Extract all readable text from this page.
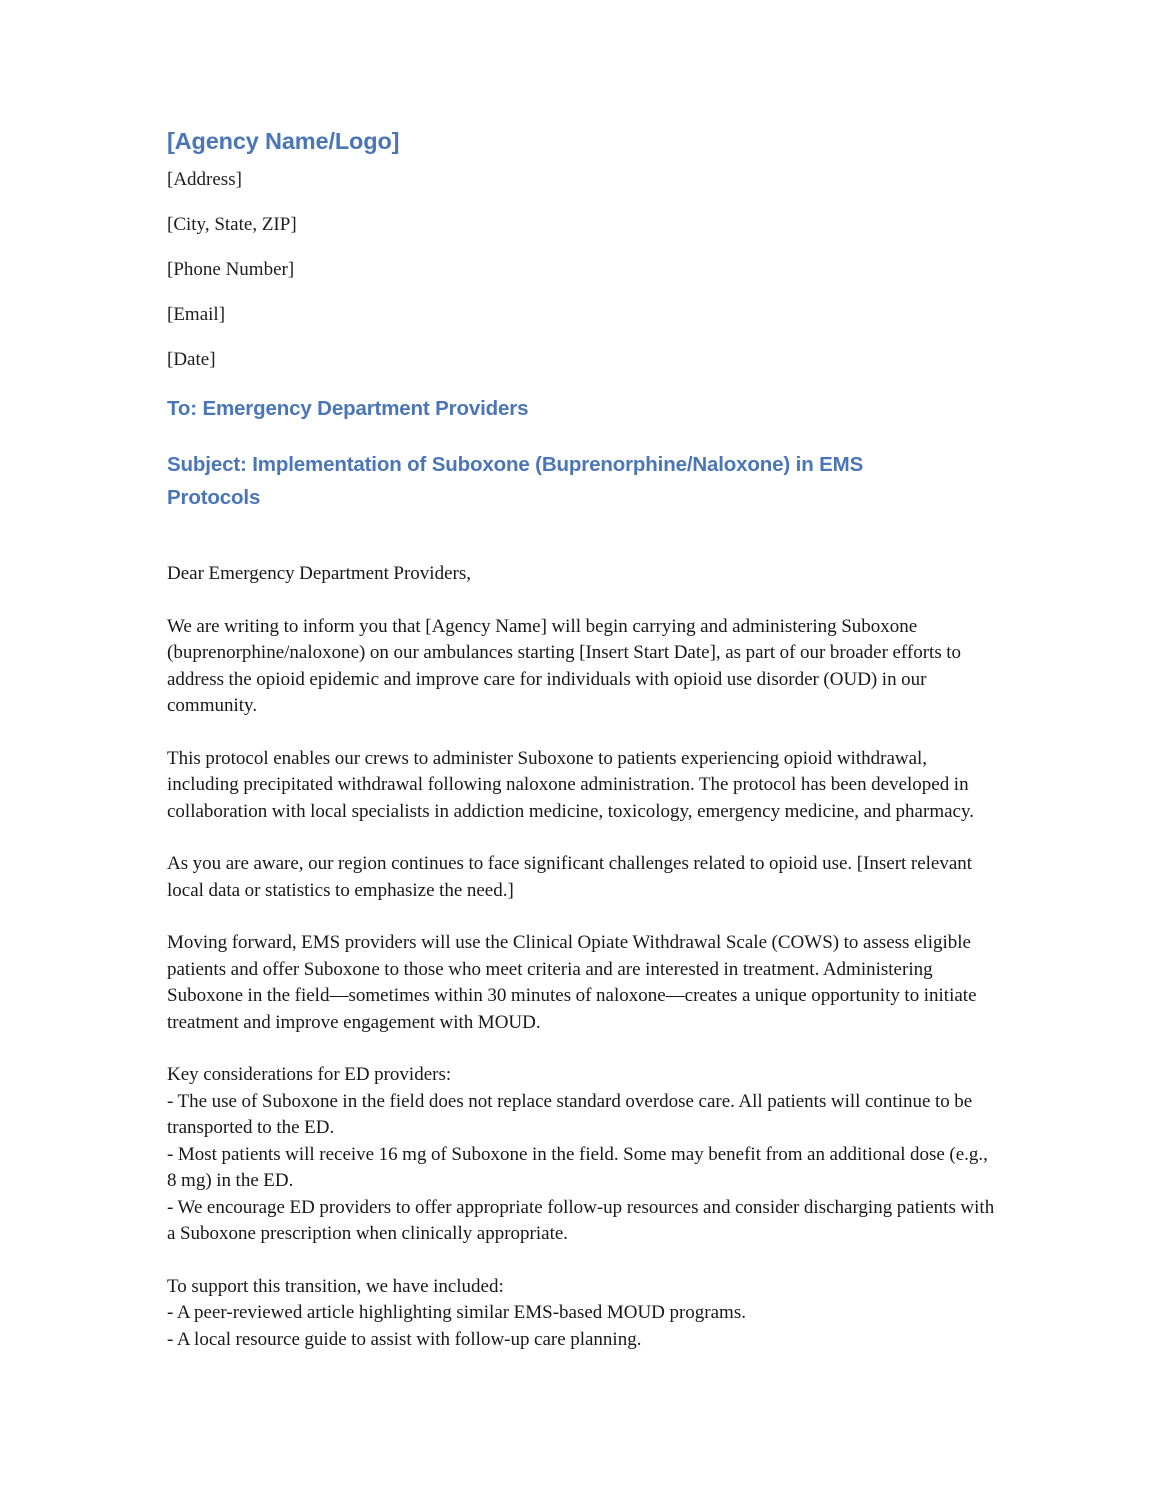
[Agency Name/Logo]

[Address]

[City, State, ZIP]

[Phone Number]

[Email]

[Date]

To: Emergency Department Providers
Subject: Implementation of Suboxone (Buprenorphine/Naloxone) in EMS Protocols

Dear Emergency Department Providers,

We are writing to inform you that [Agency Name] will begin carrying and administering Suboxone (buprenorphine/naloxone) on our ambulances starting [Insert Start Date], as part of our broader efforts to address the opioid epidemic and improve care for individuals with opioid use disorder (OUD) in our community.

This protocol enables our crews to administer Suboxone to patients experiencing opioid withdrawal, including precipitated withdrawal following naloxone administration. The protocol has been developed in collaboration with local specialists in addiction medicine, toxicology, emergency medicine, and pharmacy.

As you are aware, our region continues to face significant challenges related to opioid use. [Insert relevant local data or statistics to emphasize the need.]

Moving forward, EMS providers will use the Clinical Opiate Withdrawal Scale (COWS) to assess eligible patients and offer Suboxone to those who meet criteria and are interested in treatment. Administering Suboxone in the field—sometimes within 30 minutes of naloxone—creates a unique opportunity to initiate treatment and improve engagement with MOUD.

Key considerations for ED providers:
- The use of Suboxone in the field does not replace standard overdose care. All patients will continue to be transported to the ED.
- Most patients will receive 16 mg of Suboxone in the field. Some may benefit from an additional dose (e.g., 8 mg) in the ED.
- We encourage ED providers to offer appropriate follow-up resources and consider discharging patients with a Suboxone prescription when clinically appropriate.

To support this transition, we have included:
- A peer-reviewed article highlighting similar EMS-based MOUD programs.
- A local resource guide to assist with follow-up care planning.
